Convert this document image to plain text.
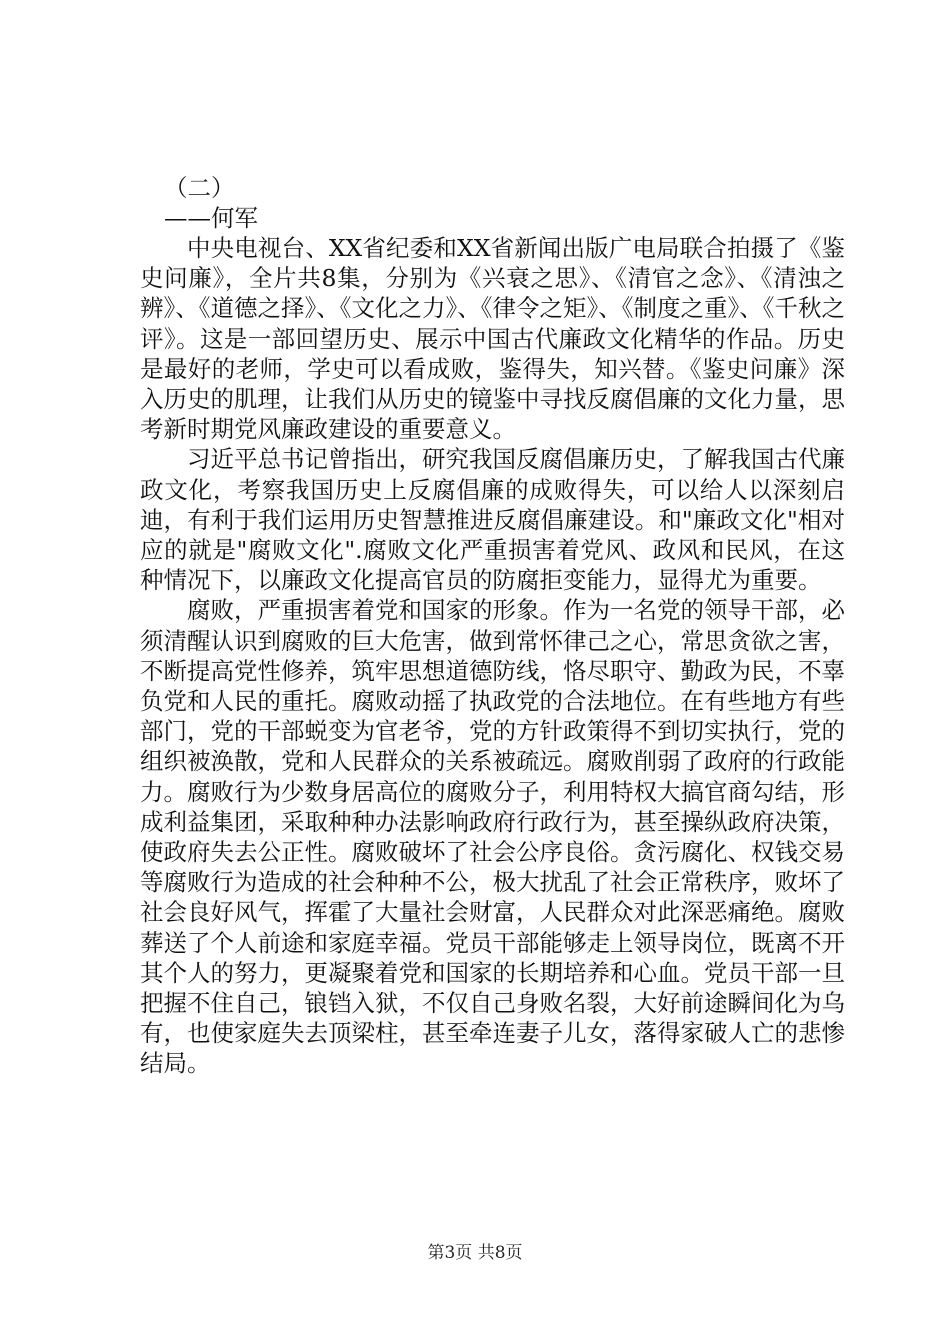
（二）

——何军

中央电视台、XX省纪委和XX省新闻出版广电局联合拍摄了《鉴史问廉》，全片共8集，分别为《兴衰之思》、《清官之念》、《清浊之辨》、《道德之择》、《文化之力》、《律令之矩》、《制度之重》、《千秋之评》。这是一部回望历史、展示中国古代廉政文化精华的作品。历史是最好的老师，学史可以看成败，鉴得失，知兴替。《鉴史问廉》深入历史的肌理，让我们从历史的镜鉴中寻找反腐倡廉的文化力量，思考新时期党风廉政建设的重要意义。

习近平总书记曾指出，研究我国反腐倡廉历史，了解我国古代廉政文化，考察我国历史上反腐倡廉的成败得失，可以给人以深刻启迪，有利于我们运用历史智慧推进反腐倡廉建设。和"廉政文化"相对应的就是"腐败文化".腐败文化严重损害着党风、政风和民风，在这种情况下，以廉政文化提高官员的防腐拒变能力，显得尤为重要。

腐败，严重损害着党和国家的形象。作为一名党的领导干部，必须清醒认识到腐败的巨大危害，做到常怀律己之心，常思贪欲之害，不断提高党性修养，筑牢思想道德防线，恪尽职守、勤政为民，不辜负党和人民的重托。腐败动摇了执政党的合法地位。在有些地方有些部门，党的干部蜕变为官老爷，党的方针政策得不到切实执行，党的组织被涣散，党和人民群众的关系被疏远。腐败削弱了政府的行政能力。腐败行为少数身居高位的腐败分子，利用特权大搞官商勾结，形成利益集团，采取种种办法影响政府行政行为，甚至操纵政府决策，使政府失去公正性。腐败破坏了社会公序良俗。贪污腐化、权钱交易等腐败行为造成的社会种种不公，极大扰乱了社会正常秩序，败坏了社会良好风气，挥霍了大量社会财富，人民群众对此深恶痛绝。腐败葬送了个人前途和家庭幸福。党员干部能够走上领导岗位，既离不开其个人的努力，更凝聚着党和国家的长期培养和心血。党员干部一旦把握不住自己，锒铛入狱，不仅自己身败名裂，大好前途瞬间化为乌有，也使家庭失去顶梁柱，甚至牵连妻子儿女，落得家破人亡的悲惨结局。

第3页 共8页
